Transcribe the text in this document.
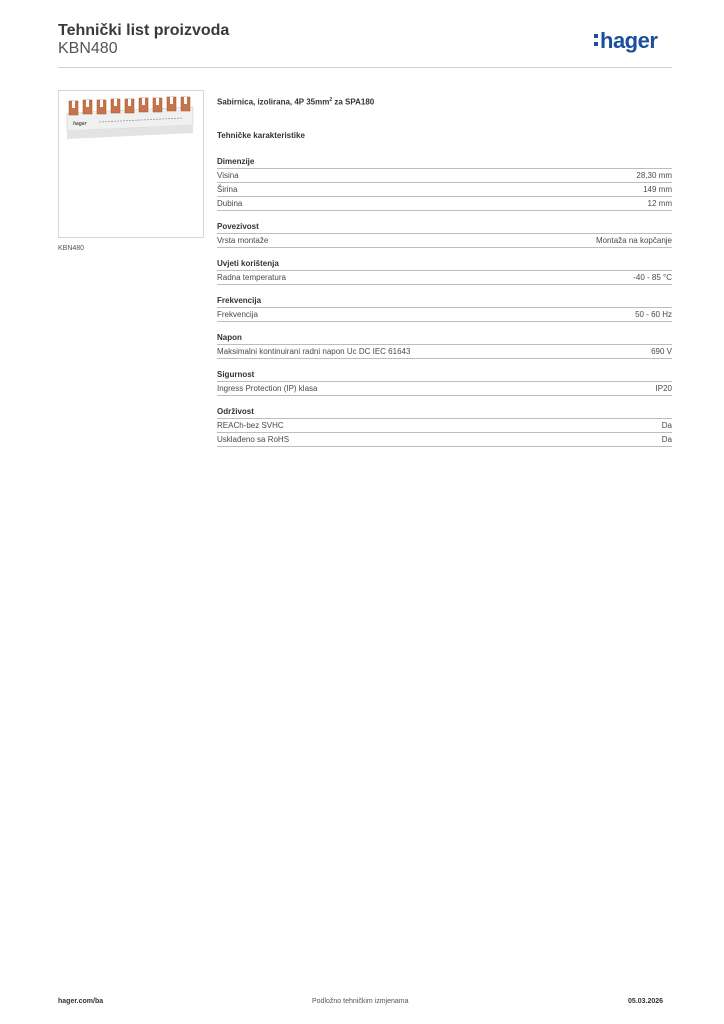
Tehnički list proizvoda
KBN480	hager
hager
KBN480
Sabirnica, izolirana, 4P $35mm^2$ za SPA180
Tehničke karakteristike
Dimenzije
Visina	28,30 mm
Širina	149 mm
Dubina	12 mm
Povezivost
Vrsta montaže	Montaža na kopčanje
Uvjeti korištenja
Radna temperatura	-40 - 85 °C
Frekvencija
Frekvencija	50 - 60 Hz
Napon
Maksimalni kontinuirani radni napon Uc DC IEC 61643	690 V
Sigurnost
Ingress Protection (IP) klasa	IP20
Održivost
REACh-bez SVHC	Da
Usklađeno sa RoHS	Da
hager.com/ba	Podložno tehničkim izmjenama	05.03.2026
